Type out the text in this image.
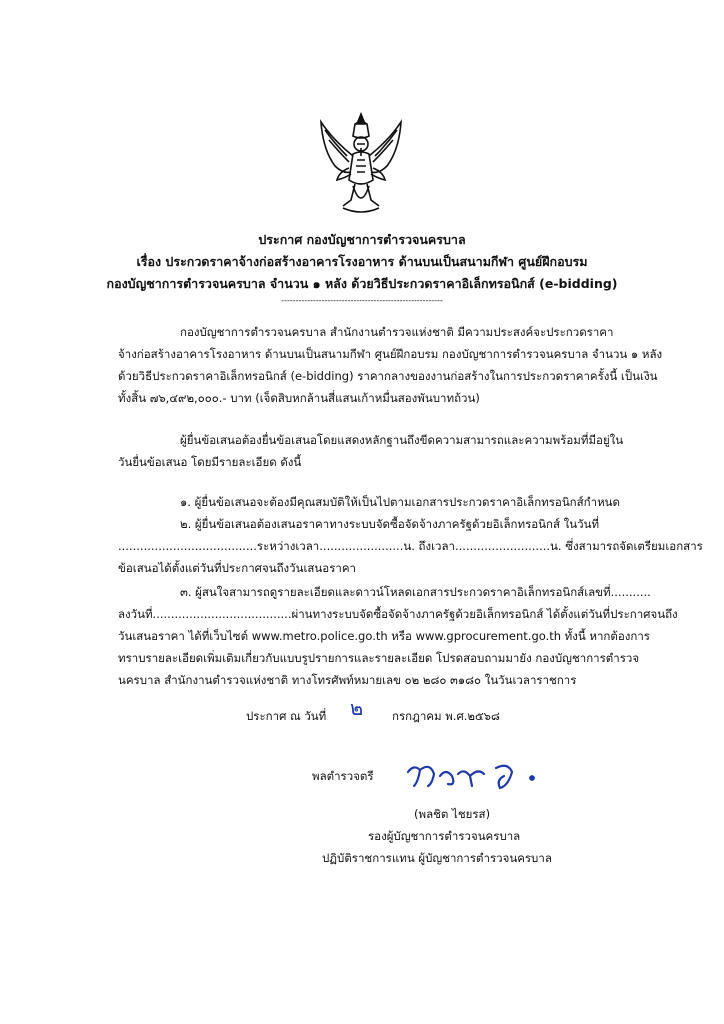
ประกาศ กองบัญชาการตำรวจนครบาล
เรื่อง ประกวดราคาจ้างก่อสร้างอาคารโรงอาหาร ด้านบนเป็นสนามกีฬา ศูนย์ฝึกอบรม
กองบัญชาการตำรวจนครบาล จำนวน ๑ หลัง ด้วยวิธีประกวดราคาอิเล็กทรอนิกส์ (e-bidding)
--------------------------------------------------------
กองบัญชาการตำรวจนครบาล สำนักงานตำรวจแห่งชาติ มีความประสงค์จะประกวดราคา
จ้างก่อสร้างอาคารโรงอาหาร ด้านบนเป็นสนามกีฬา ศูนย์ฝึกอบรม กองบัญชาการตำรวจนครบาล จำนวน ๑ หลัง
ด้วยวิธีประกวดราคาอิเล็กทรอนิกส์ (e-bidding) ราคากลางของงานก่อสร้างในการประกวดราคาครั้งนี้ เป็นเงิน
ทั้งสิ้น ๗๖,๔๙๒,๐๐๐.- บาท (เจ็ดสิบหกล้านสี่แสนเก้าหมื่นสองพันบาทถ้วน)
ผู้ยื่นข้อเสนอต้องยื่นข้อเสนอโดยแสดงหลักฐานถึงขีดความสามารถและความพร้อมที่มีอยู่ใน
วันยื่นข้อเสนอ โดยมีรายละเอียด ดังนี้
๑. ผู้ยื่นข้อเสนอจะต้องมีคุณสมบัติให้เป็นไปตามเอกสารประกวดราคาอิเล็กทรอนิกส์กำหนด
๒. ผู้ยื่นข้อเสนอต้องเสนอราคาทางระบบจัดซื้อจัดจ้างภาครัฐด้วยอิเล็กทรอนิกส์ ในวันที่
......................................ระหว่างเวลา.......................น. ถึงเวลา..........................น. ซึ่งสามารถจัดเตรียมเอกสาร
ข้อเสนอได้ตั้งแต่วันที่ประกาศจนถึงวันเสนอราคา
๓. ผู้สนใจสามารถดูรายละเอียดและดาวน์โหลดเอกสารประกวดราคาอิเล็กทรอนิกส์เลขที่...........
ลงวันที่......................................ผ่านทางระบบจัดซื้อจัดจ้างภาครัฐด้วยอิเล็กทรอนิกส์ ได้ตั้งแต่วันที่ประกาศจนถึง
วันเสนอราคา ได้ที่เว็บไซต์ www.metro.police.go.th หรือ www.gprocurement.go.th ทั้งนี้ หากต้องการ
ทราบรายละเอียดเพิ่มเติมเกี่ยวกับแบบรูปรายการและรายละเอียด โปรดสอบถามมายัง กองบัญชาการตำรวจ
นครบาล สำนักงานตำรวจแห่งชาติ ทางโทรศัพท์หมายเลข ๐๒ ๒๘๐ ๓๑๘๐ ในวันเวลาราชการ
ประกาศ ณ วันที่ ๒	กรกฎาคม พ.ศ.๒๕๖๘
พลตำรวจตรี
(พลชิต ไชยรส)
รองผู้บัญชาการตำรวจนครบาล
ปฏิบัติราชการแทน ผู้บัญชาการตำรวจนครบาล
